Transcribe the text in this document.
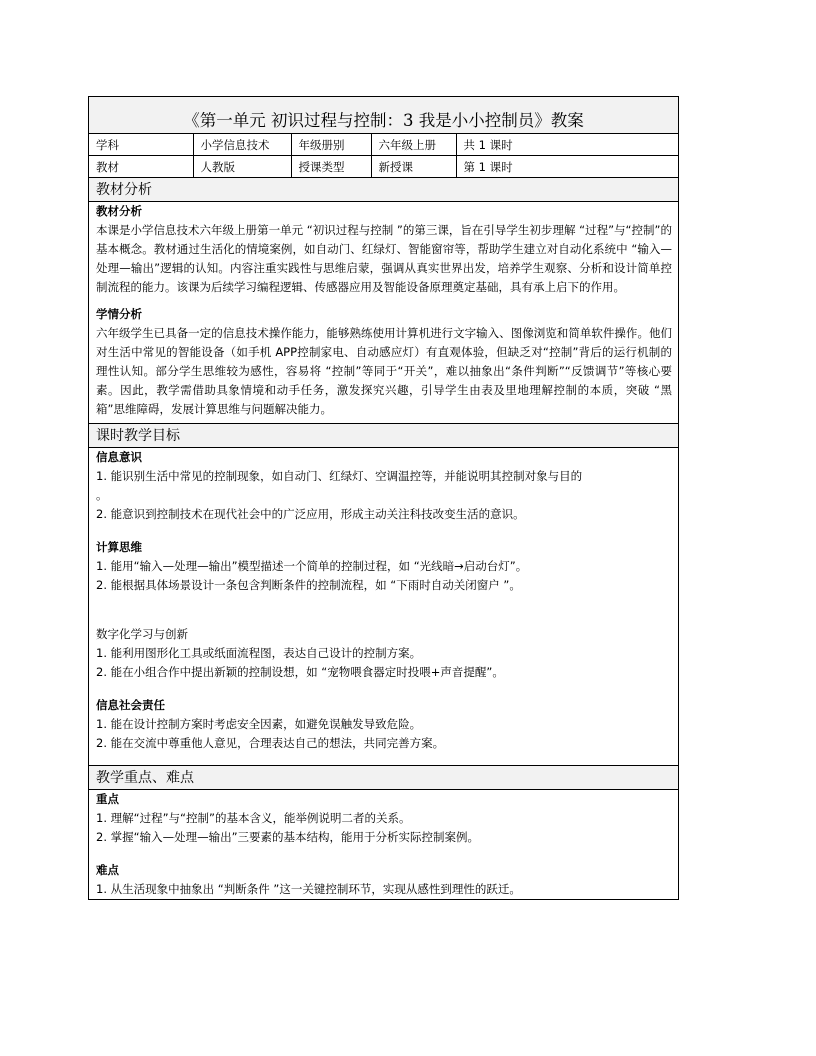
《第一单元 初识过程与控制：3 我是小小控制员》教案
学科	小学信息技术	年级册别	六年级上册	共 1 课时
教材	人教版	授课类型	新授课	第 1 课时
教材分析
教材分析
本课是小学信息技术六年级上册第一单元 “初识过程与控制 ”的第三课，旨在引导学生初步理解 “过程”与“控制”的基本概念。教材通过生活化的情境案例，如自动门、红绿灯、智能窗帘等，帮助学生建立对自动化系统中 “输入—处理—输出”逻辑的认知。内容注重实践性与思维启蒙，强调从真实世界出发，培养学生观察、分析和设计简单控制流程的能力。该课为后续学习编程逻辑、传感器应用及智能设备原理奠定基础，具有承上启下的作用。
学情分析
六年级学生已具备一定的信息技术操作能力，能够熟练使用计算机进行文字输入、图像浏览和简单软件操作。他们对生活中常见的智能设备（如手机 APP控制家电、自动感应灯）有直观体验，但缺乏对“控制”背后的运行机制的理性认知。部分学生思维较为感性，容易将 “控制”等同于“开关”，难以抽象出“条件判断”“反馈调节”等核心要素。因此，教学需借助具象情境和动手任务，激发探究兴趣，引导学生由表及里地理解控制的本质，突破 “黑箱”思维障碍，发展计算思维与问题解决能力。
课时教学目标
信息意识
1. 能识别生活中常见的控制现象，如自动门、红绿灯、空调温控等，并能说明其控制对象与目的
。
2. 能意识到控制技术在现代社会中的广泛应用，形成主动关注科技改变生活的意识。
计算思维
1. 能用“输入—处理—输出”模型描述一个简单的控制过程，如 “光线暗→启动台灯”。
2. 能根据具体场景设计一条包含判断条件的控制流程，如 “下雨时自动关闭窗户 ”。
数字化学习与创新
1. 能利用图形化工具或纸面流程图，表达自己设计的控制方案。
2. 能在小组合作中提出新颖的控制设想，如 “宠物喂食器定时投喂+声音提醒”。
信息社会责任
1. 能在设计控制方案时考虑安全因素，如避免误触发导致危险。
2. 能在交流中尊重他人意见，合理表达自己的想法，共同完善方案。
教学重点、难点
重点
1. 理解“过程”与“控制”的基本含义，能举例说明二者的关系。
2. 掌握“输入—处理—输出”三要素的基本结构，能用于分析实际控制案例。
难点
1. 从生活现象中抽象出 “判断条件 ”这一关键控制环节，实现从感性到理性的跃迁。
